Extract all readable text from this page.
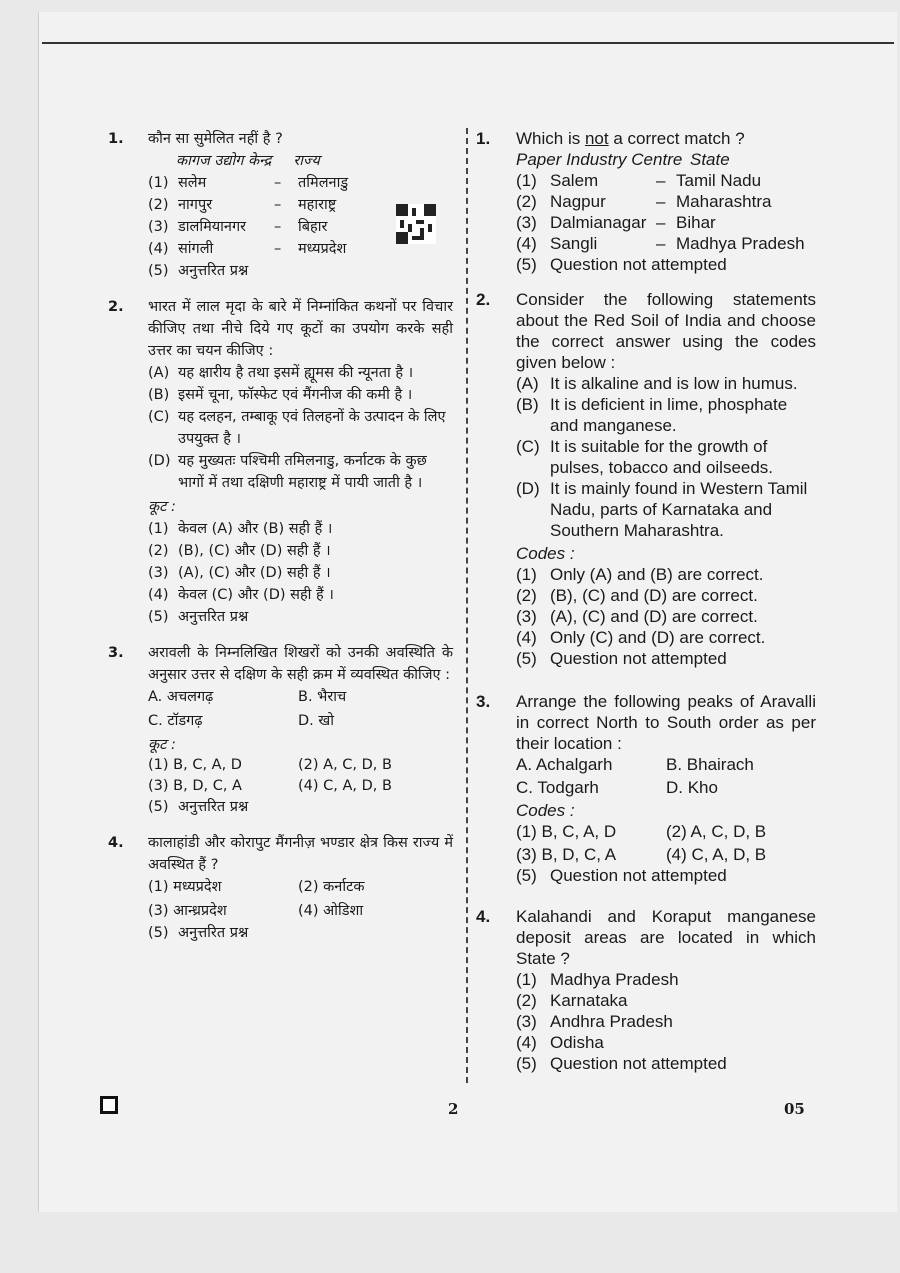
1. कौन सा सुमेलित नहीं है ?
कागज उद्योग केन्द्र राज्य
(1) सलेम	–	तमिलनाडु
(2) नागपुर	–	महाराष्ट्र
(3) डालमियानगर	–	बिहार
(4) सांगली	–	मध्यप्रदेश
(5) अनुत्तरित प्रश्न
2. भारत में लाल मृदा के बारे में निम्नांकित कथनों पर विचार कीजिए तथा नीचे दिये गए कूटों का उपयोग करके सही उत्तर का चयन कीजिए :
(A) यह क्षारीय है तथा इसमें ह्यूमस की न्यूनता है ।
(B) इसमें चूना, फॉस्फेट एवं मैंगनीज की कमी है ।
(C) यह दलहन, तम्बाकू एवं तिलहनों के उत्पादन के लिए उपयुक्त है ।
(D) यह मुख्यतः पश्चिमी तमिलनाडु, कर्नाटक के कुछ भागों में तथा दक्षिणी महाराष्ट्र में पायी जाती है ।
कूट :
(1) केवल (A) और (B) सही हैं ।
(2) (B), (C) और (D) सही हैं ।
(3) (A), (C) और (D) सही हैं ।
(4) केवल (C) और (D) सही हैं ।
(5) अनुत्तरित प्रश्न
3. अरावली के निम्नलिखित शिखरों को उनकी अवस्थिति के अनुसार उत्तर से दक्षिण के सही क्रम में व्यवस्थित कीजिए :
A. अचलगढ़	B. भैराच
C. टॉडगढ़	D. खो
कूट :
(1) B, C, A, D	(2) A, C, D, B
(3) B, D, C, A	(4) C, A, D, B
(5) अनुत्तरित प्रश्न
4. कालाहांडी और कोरापुट मैंगनीज़ भण्डार क्षेत्र किस राज्य में अवस्थित हैं ?
(1) मध्यप्रदेश	(2) कर्नाटक
(3) आन्ध्रप्रदेश	(4) ओडिशा
(5) अनुत्तरित प्रश्न
1. Which is not a correct match ?
Paper Industry Centre State
(1) Salem	– Tamil Nadu
(2) Nagpur	– Maharashtra
(3) Dalmianagar – Bihar
(4) Sangli	– Madhya Pradesh
(5) Question not attempted
2. Consider the following statements about the Red Soil of India and choose the correct answer using the codes given below :
(A) It is alkaline and is low in humus.
(B) It is deficient in lime, phosphate and manganese.
(C) It is suitable for the growth of pulses, tobacco and oilseeds.
(D) It is mainly found in Western Tamil Nadu, parts of Karnataka and Southern Maharashtra.
Codes :
(1) Only (A) and (B) are correct.
(2) (B), (C) and (D) are correct.
(3) (A), (C) and (D) are correct.
(4) Only (C) and (D) are correct.
(5) Question not attempted
3. Arrange the following peaks of Aravalli in correct North to South order as per their location :
A. Achalgarh	B. Bhairach
C. Todgarh	D. Kho
Codes :
(1) B, C, A, D	(2) A, C, D, B
(3) B, D, C, A	(4) C, A, D, B
(5) Question not attempted
4. Kalahandi and Koraput manganese deposit areas are located in which State ?
(1) Madhya Pradesh
(2) Karnataka
(3) Andhra Pradesh
(4) Odisha
(5) Question not attempted
2	05
